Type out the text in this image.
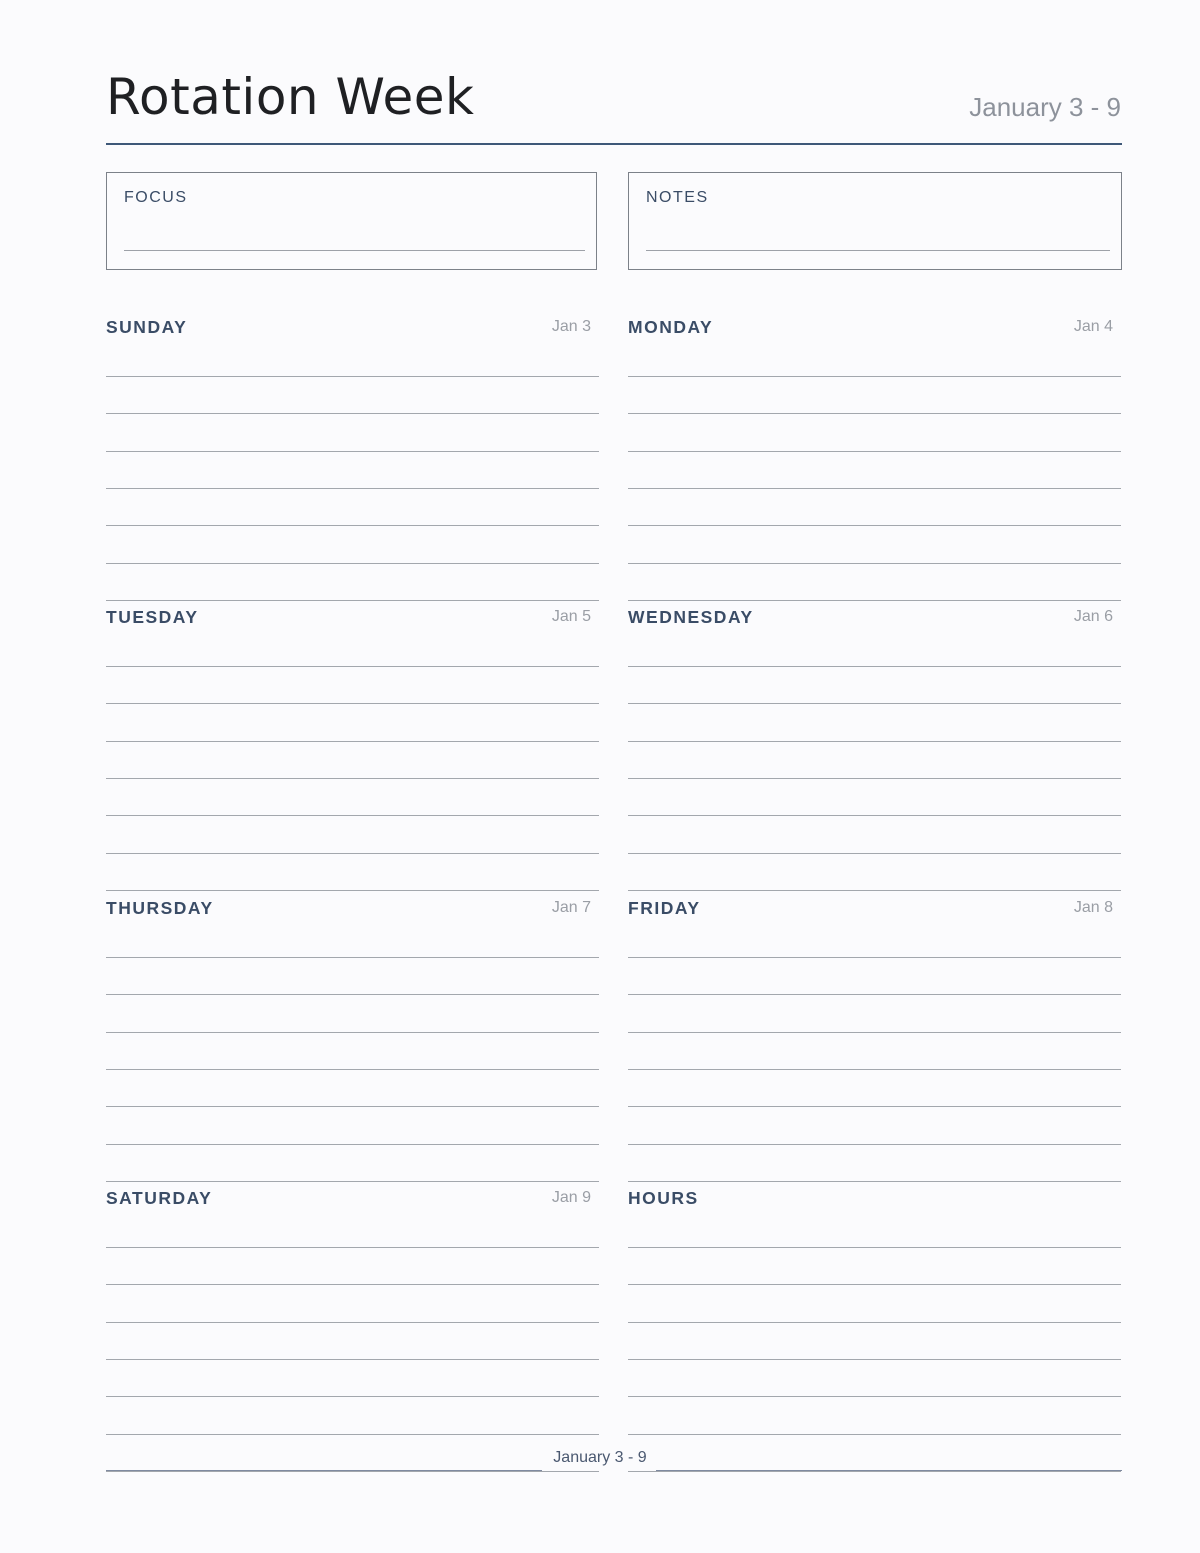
Rotation Week	January 3 - 9
FOCUS	NOTES
SUNDAY	Jan 3 MONDAY	Jan 4
TUESDAY	Jan 5 WEDNESDAY	Jan 6
THURSDAY	Jan 7 FRIDAY	Jan 8
SATURDAY	Jan 9 HOURS
January 3 - 9
